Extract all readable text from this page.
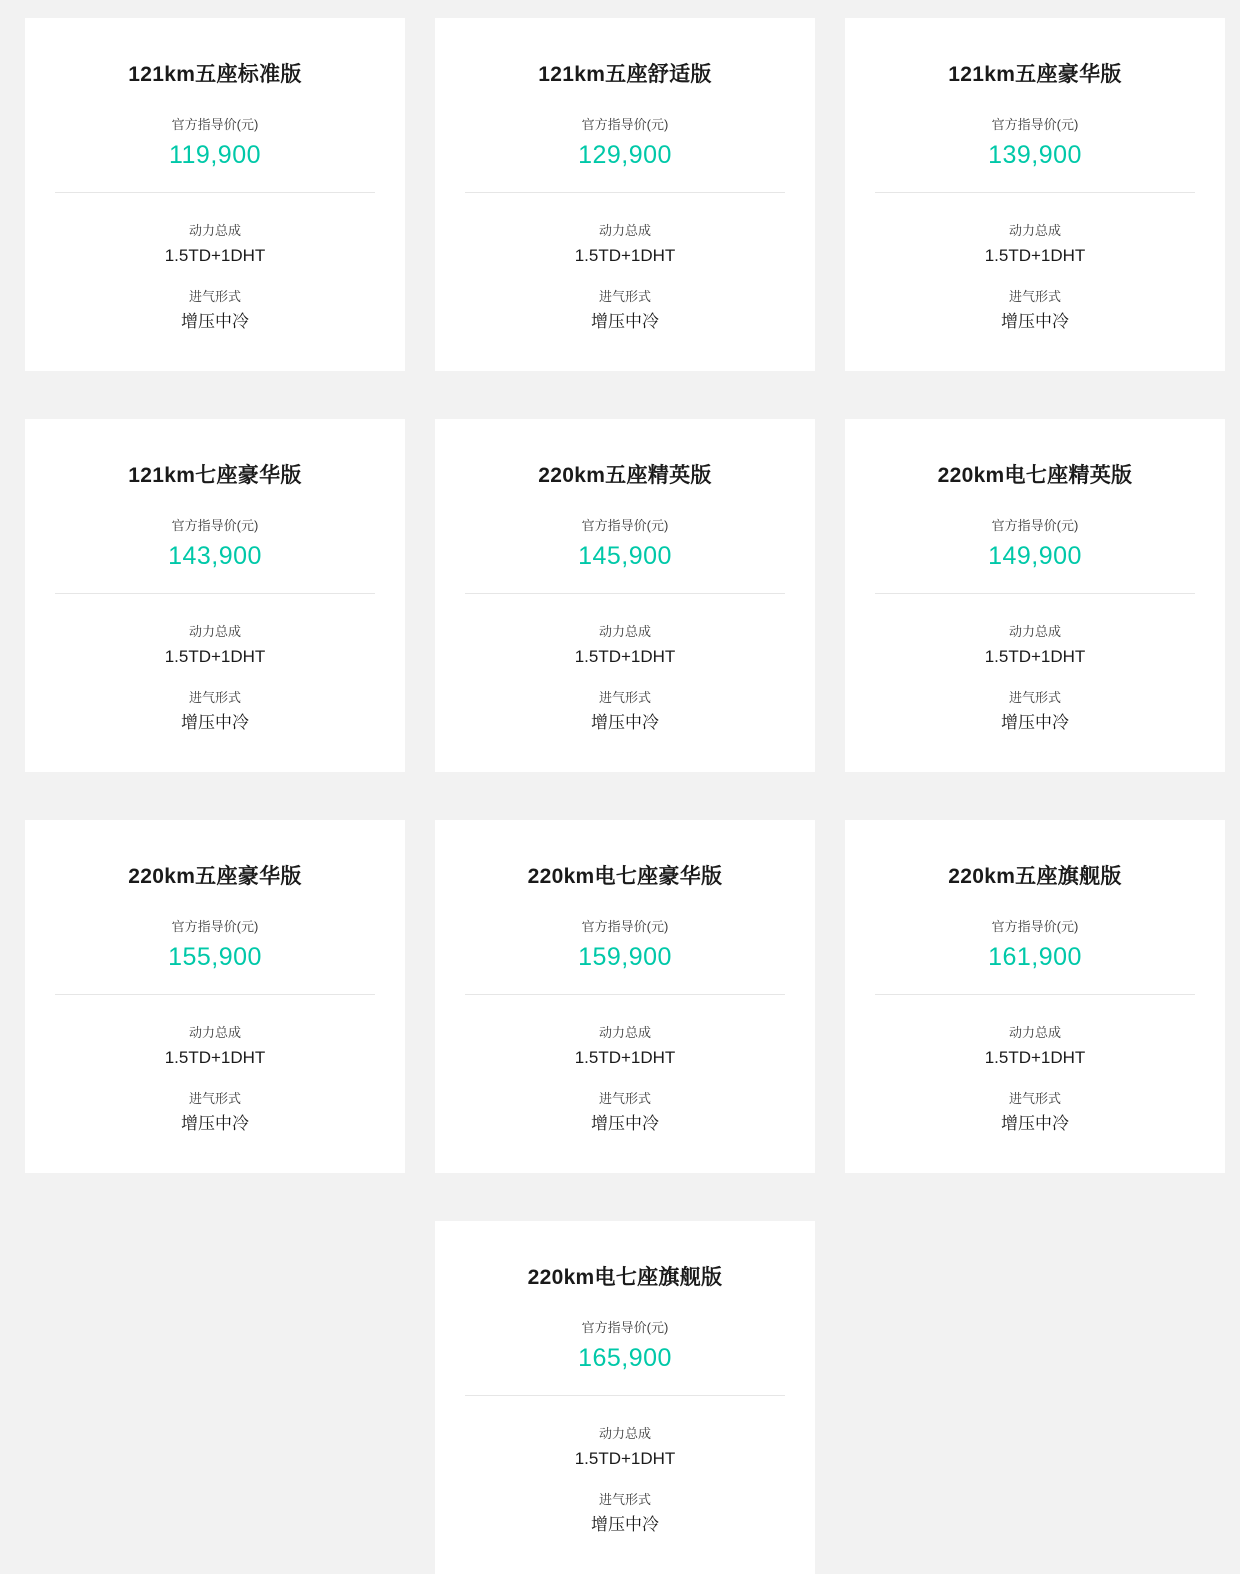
121km五座标准版
官方指导价(元)
119,900
动力总成
1.5TD+1DHT
进气形式
增压中冷
121km五座舒适版
官方指导价(元)
129,900
动力总成
1.5TD+1DHT
进气形式
增压中冷
121km五座豪华版
官方指导价(元)
139,900
动力总成
1.5TD+1DHT
进气形式
增压中冷
121km七座豪华版
官方指导价(元)
143,900
动力总成
1.5TD+1DHT
进气形式
增压中冷
220km五座精英版
官方指导价(元)
145,900
动力总成
1.5TD+1DHT
进气形式
增压中冷
220km电七座精英版
官方指导价(元)
149,900
动力总成
1.5TD+1DHT
进气形式
增压中冷
220km五座豪华版
官方指导价(元)
155,900
动力总成
1.5TD+1DHT
进气形式
增压中冷
220km电七座豪华版
官方指导价(元)
159,900
动力总成
1.5TD+1DHT
进气形式
增压中冷
220km五座旗舰版
官方指导价(元)
161,900
动力总成
1.5TD+1DHT
进气形式
增压中冷
220km电七座旗舰版
官方指导价(元)
165,900
动力总成
1.5TD+1DHT
进气形式
增压中冷
